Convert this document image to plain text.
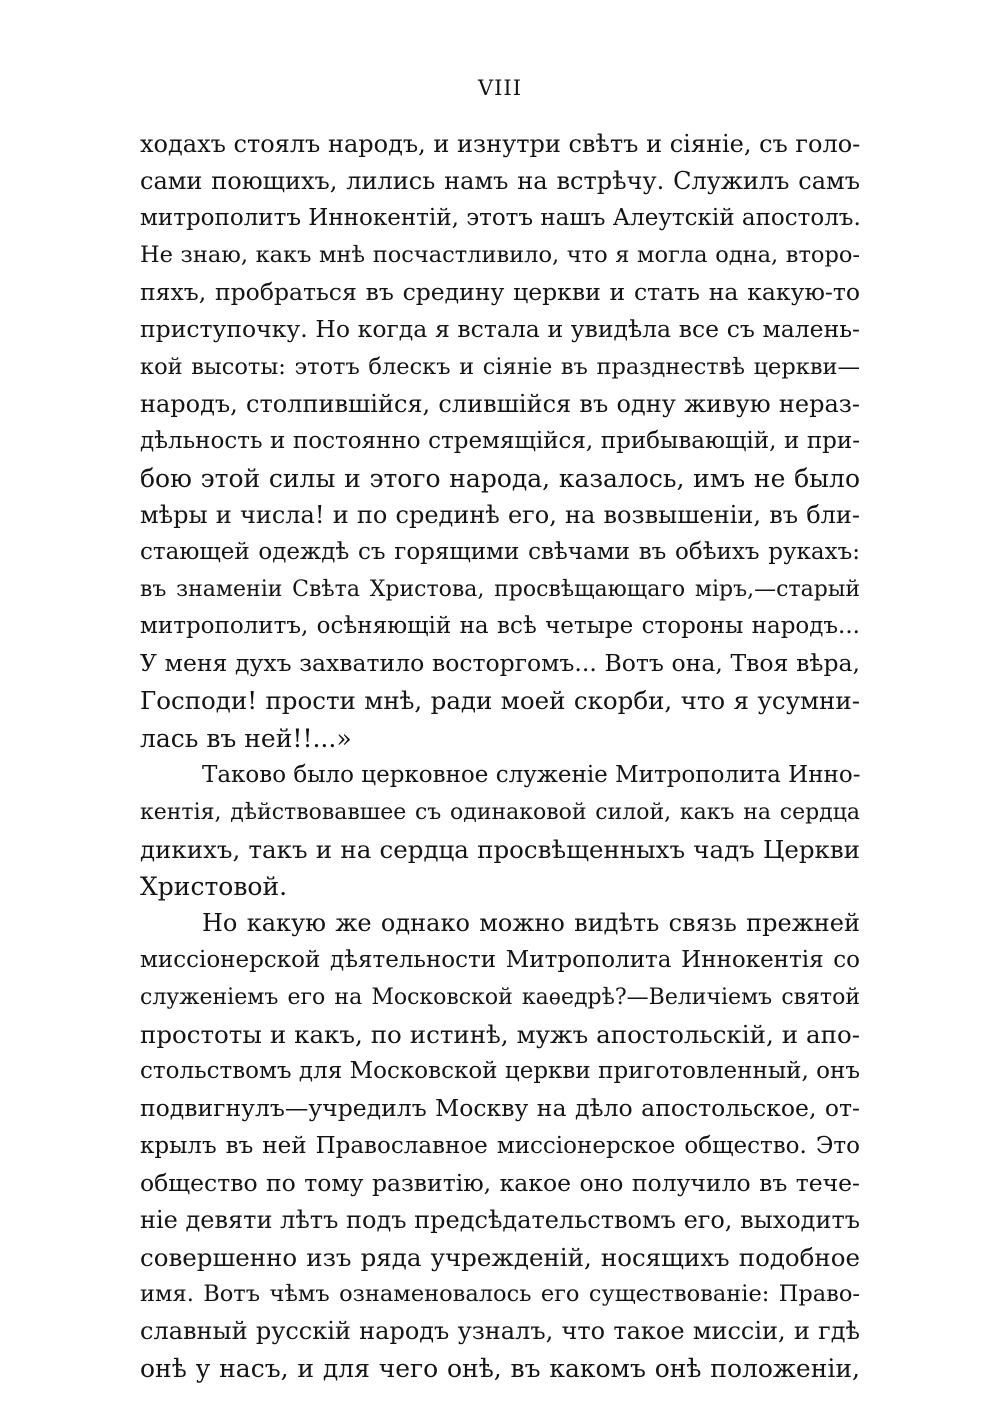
VIII
ходахъ стоялъ народъ, и изнутри свѣтъ и сіяніе, съ голо-
сами поющихъ, лились намъ на встрѣчу. Служилъ самъ
митрополитъ Иннокентій, этотъ нашъ Алеутскій апостолъ.
Не знаю, какъ мнѣ посчастливило, что я могла одна, второ-
пяхъ, пробраться въ средину церкви и стать на какую-то
приступочку. Но когда я встала и увидѣла все съ малень-
кой высоты: этотъ блескъ и сіяніе въ празднествѣ церкви—
народъ, столпившійся, слившійся въ одну живую нераз-
дѣльность и постоянно стремящійся, прибывающій, и при-
бою этой силы и этого народа, казалось, имъ не было
мѣры и числа! и по срединѣ его, на возвышеніи, въ бли-
стающей одеждѣ съ горящими свѣчами въ обѣихъ рукахъ:
въ знаменіи Свѣта Христова, просвѣщающаго міръ,—старый
митрополитъ, осѣняющій на всѣ четыре стороны народъ...
У меня духъ захватило восторгомъ... Вотъ она, Твоя вѣра,
Господи! прости мнѣ, ради моей скорби, что я усумни-
лась въ ней!!...»
Таково было церковное служеніе Митрополита Инно-
кентія, дѣйствовавшее съ одинаковой силой, какъ на сердца
дикихъ, такъ и на сердца просвѣщенныхъ чадъ Церкви
Христовой.
Но какую же однако можно видѣть связь прежней
миссіонерской дѣятельности Митрополита Иннокентія со
служеніемъ его на Московской каѳедрѣ?—Величіемъ святой
простоты и какъ, по истинѣ, мужъ апостольскій, и апо-
стольствомъ для Московской церкви приготовленный, онъ
подвигнулъ—учредилъ Москву на дѣло апостольское, от-
крылъ въ ней Православное миссіонерское общество. Это
общество по тому развитію, какое оно получило въ тече-
ніе девяти лѣтъ подъ предсѣдательствомъ его, выходитъ
совершенно изъ ряда учрежденій, носящихъ подобное
имя. Вотъ чѣмъ ознаменовалось его существованіе: Право-
славный русскій народъ узналъ, что такое миссіи, и гдѣ
онѣ у насъ, и для чего онѣ, въ какомъ онѣ положеніи,
